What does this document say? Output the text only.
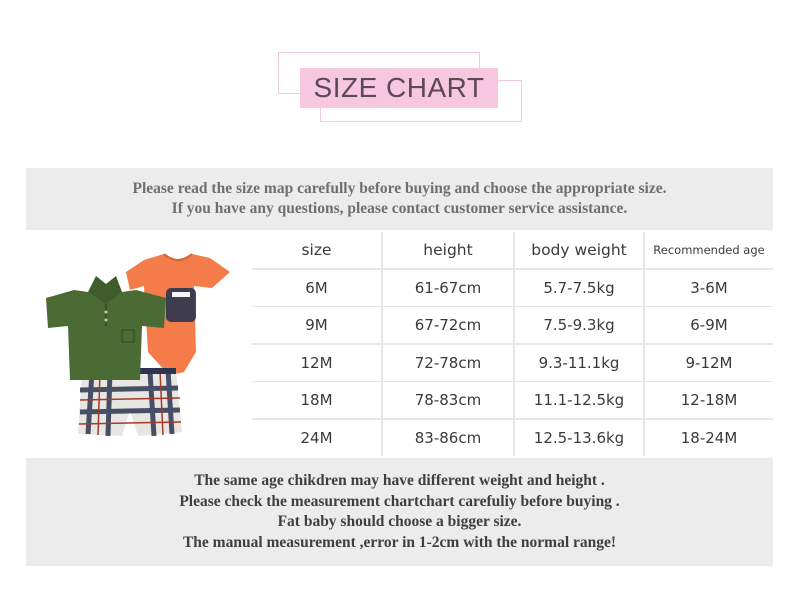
SIZE CHART
Please read the size map carefully before buying and choose the appropriate size.
If you have any questions, please contact customer service assistance.
size	height	body weight	Recommended age
6M	61-67cm	5.7-7.5kg	3-6M
9M	67-72cm	7.5-9.3kg	6-9M
12M	72-78cm	9.3-11.1kg	9-12M
18M	78-83cm	11.1-12.5kg	12-18M
24M	83-86cm	12.5-13.6kg	18-24M
The same age chikdren may have different weight and height .
Please check the measurement chartchart carefuliy before buying .
Fat baby should choose a bigger size.
The manual measurement ,error in 1-2cm with the normal range!
